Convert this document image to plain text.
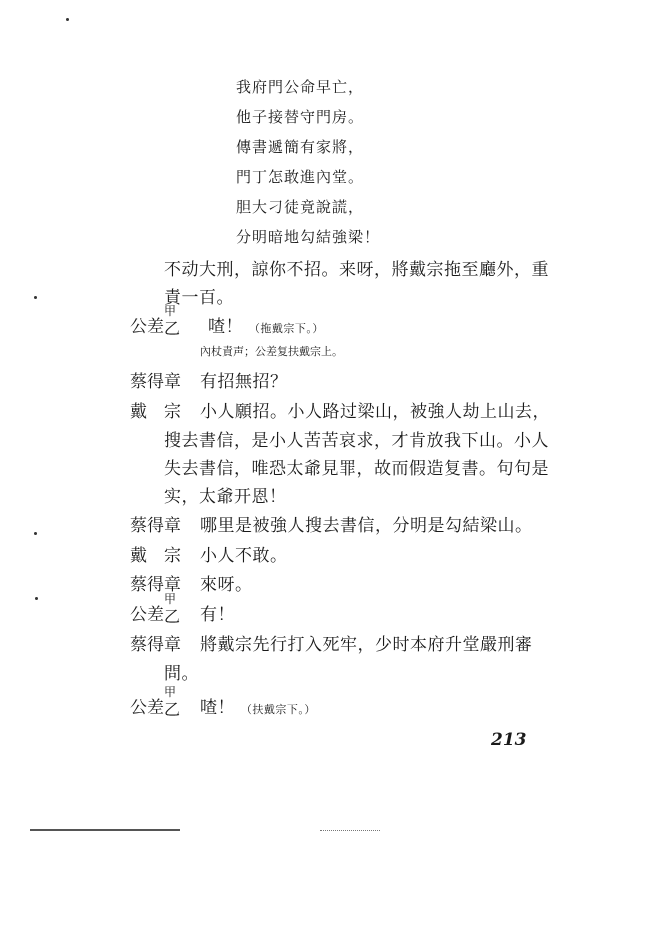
我府門公命早亡，
他子接替守門房。
傳書遞簡有家將，
門丁怎敢進內堂。
胆大刁徒竟說謊，
分明暗地勾結強梁！
不动大刑，諒你不招。来呀，將戴宗拖至廳外，重
責一百。
公差
甲
乙 喳！ （拖戴宗下。）
內杖責声；公差复扶戴宗上。
蔡得章 有招無招？
戴　宗 小人願招。小人路过梁山，被強人劫上山去，
搜去書信，是小人苦苦哀求，才肯放我下山。小人
失去書信，唯恐太爺見罪，故而假造复書。句句是
实，太爺开恩！
蔡得章 哪里是被強人搜去書信，分明是勾結梁山。
戴　宗 小人不敢。
蔡得章 來呀。
公差
甲
乙 有！
蔡得章 將戴宗先行打入死牢，少时本府升堂嚴刑審
問。
公差
甲
乙 喳！ （扶戴宗下。）
213
